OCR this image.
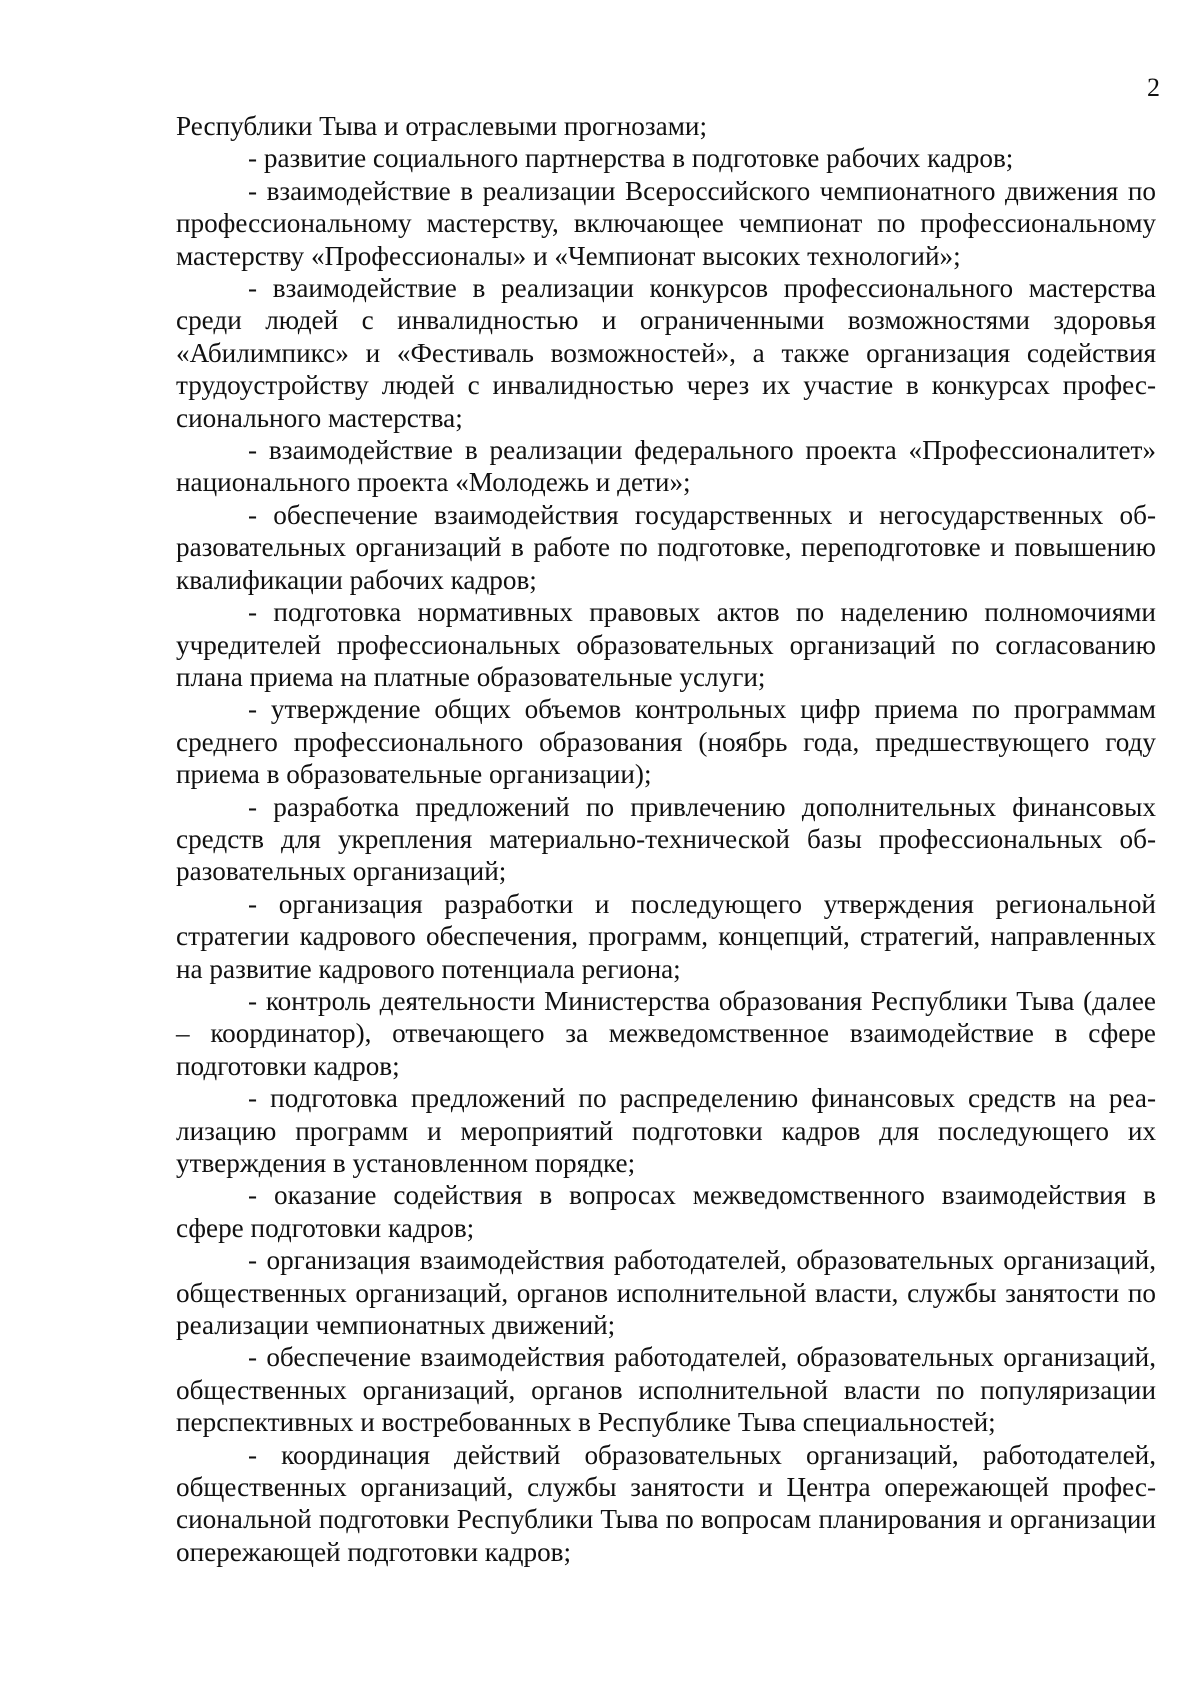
2

Республики Тыва и отраслевыми прогнозами;

- развитие социального партнерства в подготовке рабочих кадров;

- взаимодействие в реализации Всероссийского чемпионатного движения по профессиональному мастерству, включающее чемпионат по профессиональному мастерству «Профессионалы» и «Чемпионат высоких технологий»;

- взаимодействие в реализации конкурсов профессионального мастерства среди людей с инвалидностью и ограниченными возможностями здоровья «Абилимпикс» и «Фестиваль возможностей», а также организация содействия трудоустройству людей с инвалидностью через их участие в конкурсах профессионального мастерства;

- взаимодействие в реализации федерального проекта «Профессионалитет» национального проекта «Молодежь и дети»;

- обеспечение взаимодействия государственных и негосударственных образовательных организаций в работе по подготовке, переподготовке и повышению квалификации рабочих кадров;

- подготовка нормативных правовых актов по наделению полномочиями учредителей профессиональных образовательных организаций по согласованию плана приема на платные образовательные услуги;

- утверждение общих объемов контрольных цифр приема по программам среднего профессионального образования (ноябрь года, предшествующего году приема в образовательные организации);

- разработка предложений по привлечению дополнительных финансовых средств для укрепления материально-технической базы профессиональных образовательных организаций;

- организация разработки и последующего утверждения региональной стратегии кадрового обеспечения, программ, концепций, стратегий, направленных на развитие кадрового потенциала региона;

- контроль деятельности Министерства образования Республики Тыва (далее – координатор), отвечающего за межведомственное взаимодействие в сфере подготовки кадров;

- подготовка предложений по распределению финансовых средств на реализацию программ и мероприятий подготовки кадров для последующего их утверждения в установленном порядке;

- оказание содействия в вопросах межведомственного взаимодействия в сфере подготовки кадров;

- организация взаимодействия работодателей, образовательных организаций, общественных организаций, органов исполнительной власти, службы занятости по реализации чемпионатных движений;

- обеспечение взаимодействия работодателей, образовательных организаций, общественных организаций, органов исполнительной власти по популяризации перспективных и востребованных в Республике Тыва специальностей;

- координация действий образовательных организаций, работодателей, общественных организаций, службы занятости и Центра опережающей профессиональной подготовки Республики Тыва по вопросам планирования и организации опережающей подготовки кадров;
